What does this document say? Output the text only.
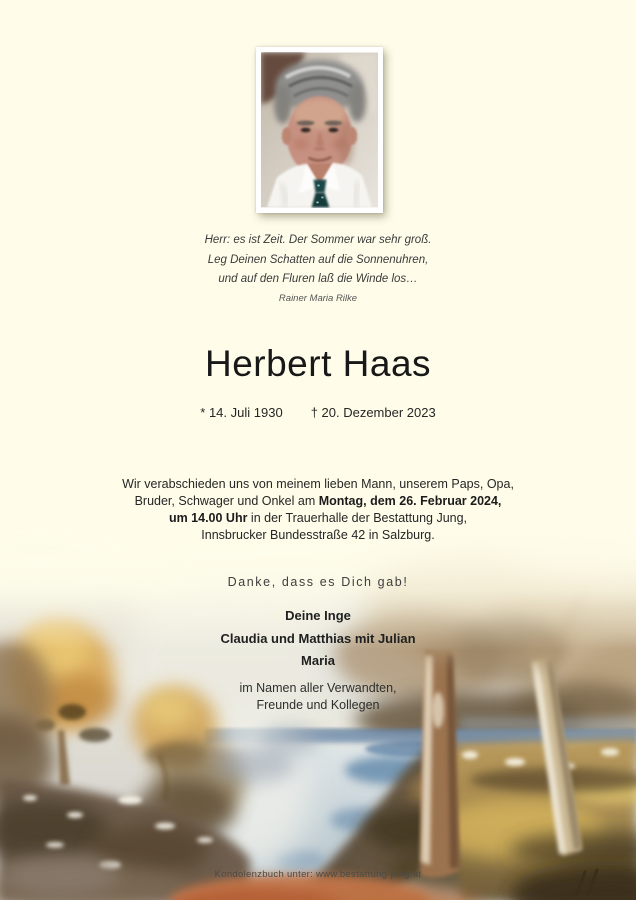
Herr: es ist Zeit. Der Sommer war sehr groß.
Leg Deinen Schatten auf die Sonnenuhren,
und auf den Fluren laß die Winde los…
Rainer Maria Rilke
Herbert Haas
* 14. Juli 1930 † 20. Dezember 2023

Wir verabschieden uns von meinem lieben Mann, unserem Paps, Opa,
Bruder, Schwager und Onkel am Montag, dem 26. Februar 2024,
um 14.00 Uhr in der Trauerhalle der Bestattung Jung,
Innsbrucker Bundesstraße 42 in Salzburg.

Danke, dass es Dich gab!
Deine Inge
Claudia und Matthias mit Julian
Maria
im Namen aller Verwandten,
Freunde und Kollegen
Kondolenzbuch unter: www.bestattung-jung.at
